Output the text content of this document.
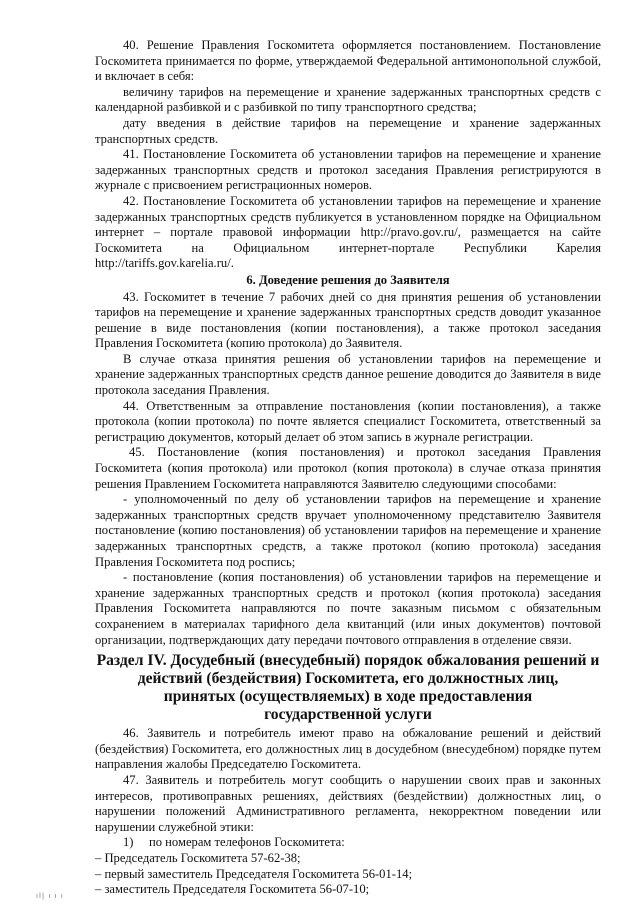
40. Решение Правления Госкомитета оформляется постановлением. Постановление Госкомитета принимается по форме, утверждаемой Федеральной антимонопольной службой, и включает в себя:

величину тарифов на перемещение и хранение задержанных транспортных средств с календарной разбивкой и с разбивкой по типу транспортного средства;

дату введения в действие тарифов на перемещение и хранение задержанных транспортных средств.

41. Постановление Госкомитета об установлении тарифов на перемещение и хранение задержанных транспортных средств и протокол заседания Правления регистрируются в журнале с присвоением регистрационных номеров.

42. Постановление Госкомитета об установлении тарифов на перемещение и хранение задержанных транспортных средств публикуется в установленном порядке на Официальном интернет – портале правовой информации http://pravo.gov.ru/, размещается на сайте Госкомитета на Официальном интернет-портале Республики Карелия http://tariffs.gov.karelia.ru/.

6. Доведение решения до Заявителя

43. Госкомитет в течение 7 рабочих дней со дня принятия решения об установлении тарифов на перемещение и хранение задержанных транспортных средств доводит указанное решение в виде постановления (копии постановления), а также протокол заседания Правления Госкомитета (копию протокола) до Заявителя.

В случае отказа принятия решения об установлении тарифов на перемещение и хранение задержанных транспортных средств данное решение доводится до Заявителя в виде протокола заседания Правления.

44. Ответственным за отправление постановления (копии постановления), а также протокола (копии протокола) по почте является специалист Госкомитета, ответственный за регистрацию документов, который делает об этом запись в журнале регистрации.

45. Постановление (копия постановления) и протокол заседания Правления Госкомитета (копия протокола) или протокол (копия протокола) в случае отказа принятия решения Правлением Госкомитета направляются Заявителю следующими способами:

- уполномоченный по делу об установлении тарифов на перемещение и хранение задержанных транспортных средств вручает уполномоченному представителю Заявителя постановление (копию постановления) об установлении тарифов на перемещение и хранение задержанных транспортных средств, а также протокол (копию протокола) заседания Правления Госкомитета под роспись;

- постановление (копия постановления) об установлении тарифов на перемещение и хранение задержанных транспортных средств и протокол (копия протокола) заседания Правления Госкомитета направляются по почте заказным письмом с обязательным сохранением в материалах тарифного дела квитанций (или иных документов) почтовой организации, подтверждающих дату передачи почтового отправления в отделение связи.

Раздел IV. Досудебный (внесудебный) порядок обжалования решений и
действий (бездействия) Госкомитета, его должностных лиц,
принятых (осуществляемых) в ходе предоставления
государственной услуги

46. Заявитель и потребитель имеют право на обжалование решений и действий (бездействия) Госкомитета, его должностных лиц в досудебном (внесудебном) порядке путем направления жалобы Председателю Госкомитета.

47. Заявитель и потребитель могут сообщить о нарушении своих прав и законных интересов, противоправных решениях, действиях (бездействии) должностных лиц, о нарушении положений Административного регламента, некорректном поведении или нарушении служебной этики:

1)	по номерам телефонов Госкомитета:

– Председатель Госкомитета 57-62-38;

– первый заместитель Председателя Госкомитета 56-01-14;

– заместитель Председателя Госкомитета 56-07-10;

ıl| ı ı ı
